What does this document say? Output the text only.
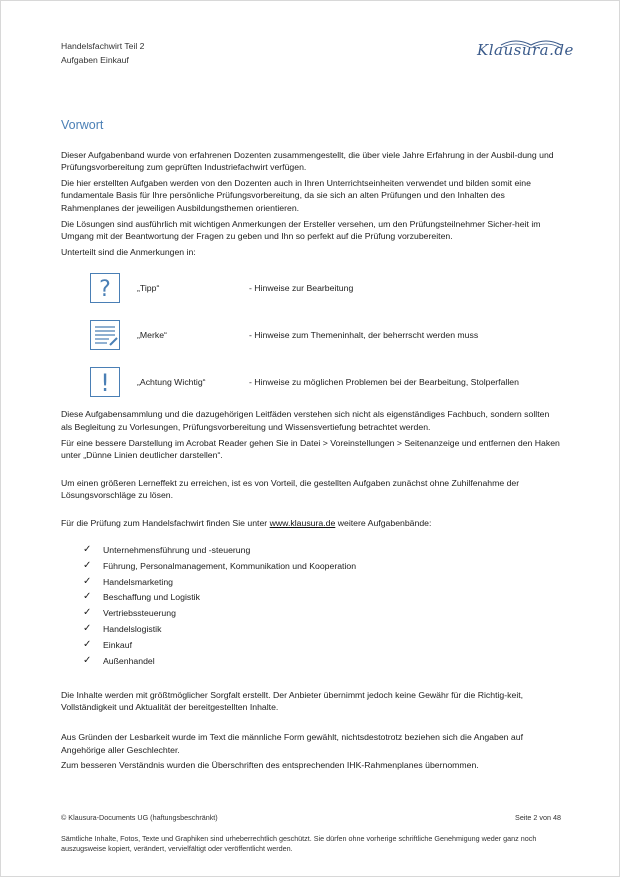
Handelsfachwirt Teil 2
Aufgaben Einkauf
Klausura.de
Vorwort

Dieser Aufgabenband wurde von erfahrenen Dozenten zusammengestellt, die über viele Jahre Erfahrung in der Ausbil-dung und Prüfungsvorbereitung zum geprüften Industriefachwirt verfügen.

Die hier erstellten Aufgaben werden von den Dozenten auch in Ihren Unterrichtseinheiten verwendet und bilden somit eine fundamentale Basis für Ihre persönliche Prüfungsvorbereitung, da sie sich an alten Prüfungen und den Inhalten des Rahmenplanes der jeweiligen Ausbildungsthemen orientieren.

Die Lösungen sind ausführlich mit wichtigen Anmerkungen der Ersteller versehen, um den Prüfungsteilnehmer Sicher-heit im Umgang mit der Beantwortung der Fragen zu geben und Ihn so perfekt auf die Prüfung vorzubereiten.

Unterteilt sind die Anmerkungen in:

?	„Tipp“	- Hinweise zur Bearbeitung
„Merke“	- Hinweise zum Themeninhalt, der beherrscht werden muss
!	„Achtung Wichtig“	- Hinweise zu möglichen Problemen bei der Bearbeitung, Stolperfallen

Diese Aufgabensammlung und die dazugehörigen Leitfäden verstehen sich nicht als eigenständiges Fachbuch, sondern sollten als Begleitung zu Vorlesungen, Prüfungsvorbereitung und Wissensvertiefung betrachtet werden.

Für eine bessere Darstellung im Acrobat Reader gehen Sie in Datei > Voreinstellungen > Seitenanzeige und entfernen den Haken unter „Dünne Linien deutlicher darstellen“.

Um einen größeren Lerneffekt zu erreichen, ist es von Vorteil, die gestellten Aufgaben zunächst ohne Zuhilfenahme der Lösungsvorschläge zu lösen.

Für die Prüfung zum Handelsfachwirt finden Sie unter www.klausura.de weitere Aufgabenbände:

✓	Unternehmensführung und -steuerung
✓	Führung, Personalmanagement, Kommunikation und Kooperation
✓	Handelsmarketing
✓	Beschaffung und Logistik
✓	Vertriebssteuerung
✓	Handelslogistik
✓	Einkauf
✓	Außenhandel

Die Inhalte werden mit größtmöglicher Sorgfalt erstellt. Der Anbieter übernimmt jedoch keine Gewähr für die Richtig-keit, Vollständigkeit und Aktualität der bereitgestellten Inhalte.

Aus Gründen der Lesbarkeit wurde im Text die männliche Form gewählt, nichtsdestotrotz beziehen sich die Angaben auf Angehörige aller Geschlechter.

Zum besseren Verständnis wurden die Überschriften des entsprechenden IHK-Rahmenplanes übernommen.

© Klausura-Documents UG (haftungsbeschränkt)	Seite 2 von 48
Sämtliche Inhalte, Fotos, Texte und Graphiken sind urheberrechtlich geschützt. Sie dürfen ohne vorherige schriftliche Genehmigung weder ganz noch auszugsweise kopiert, verändert, vervielfältigt oder veröffentlicht werden.
